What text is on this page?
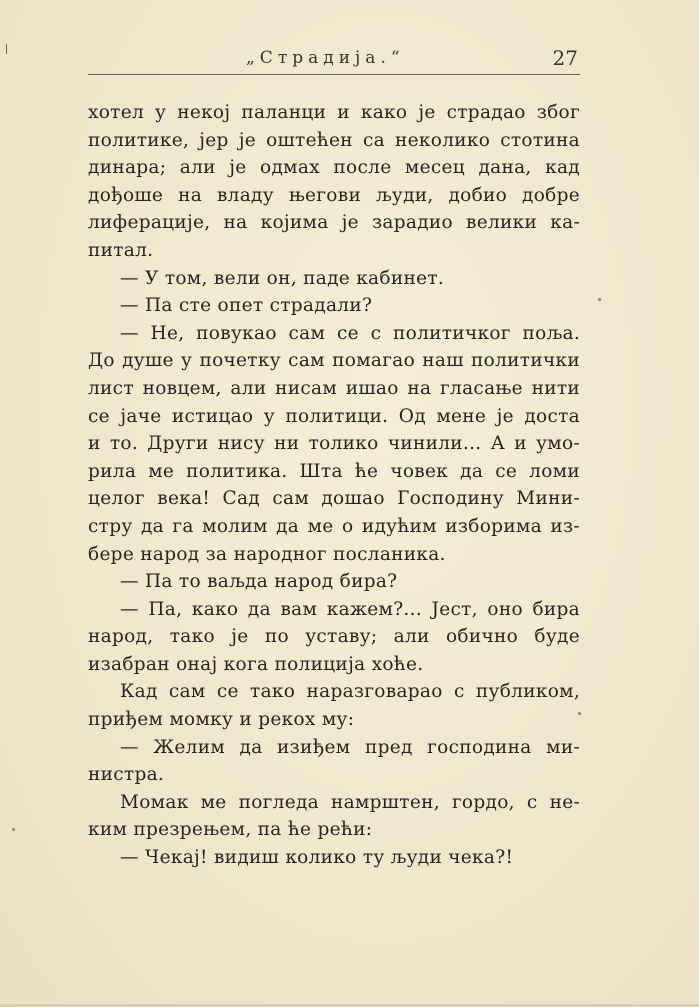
„Страдија.“	27
хотел у некој паланци и како је страдао због
политике, јер је оштећен са неколико стотина
динара; али је одмах после месец дана, кад
дођоше на владу његови људи, добио добре
лиферације, на којима је зарадио велики ка-
питал.
— У том, вели он, паде кабинет.
— Па сте опет страдали?
— Не, повукао сам се с политичког поља.
До душе у почетку сам помагао наш политички
лист новцем, али нисам ишао на гласање нити
се јаче истицао у политици. Од мене је доста
и то. Други нису ни толико чинили... А и умо-
рила ме политика. Шта ће човек да се ломи
целог века! Сад сам дошао Господину Мини-
стру да га молим да ме о идућим изборима из-
бере народ за народног посланика.
— Па то ваљда народ бира?
— Па, како да вам кажем?... Јест, оно бира
народ, тако је по уставу; али обично буде
изабран онај кога полиција хоће.
Кад сам се тако наразговарао с публиком,
приђем момку и рекох му:
— Желим да изиђем пред господина ми-
нистра.
Момак ме погледа намрштен, гордо, с не-
ким презрењем, па ће рећи:
— Чекај! видиш колико ту људи чека?!
